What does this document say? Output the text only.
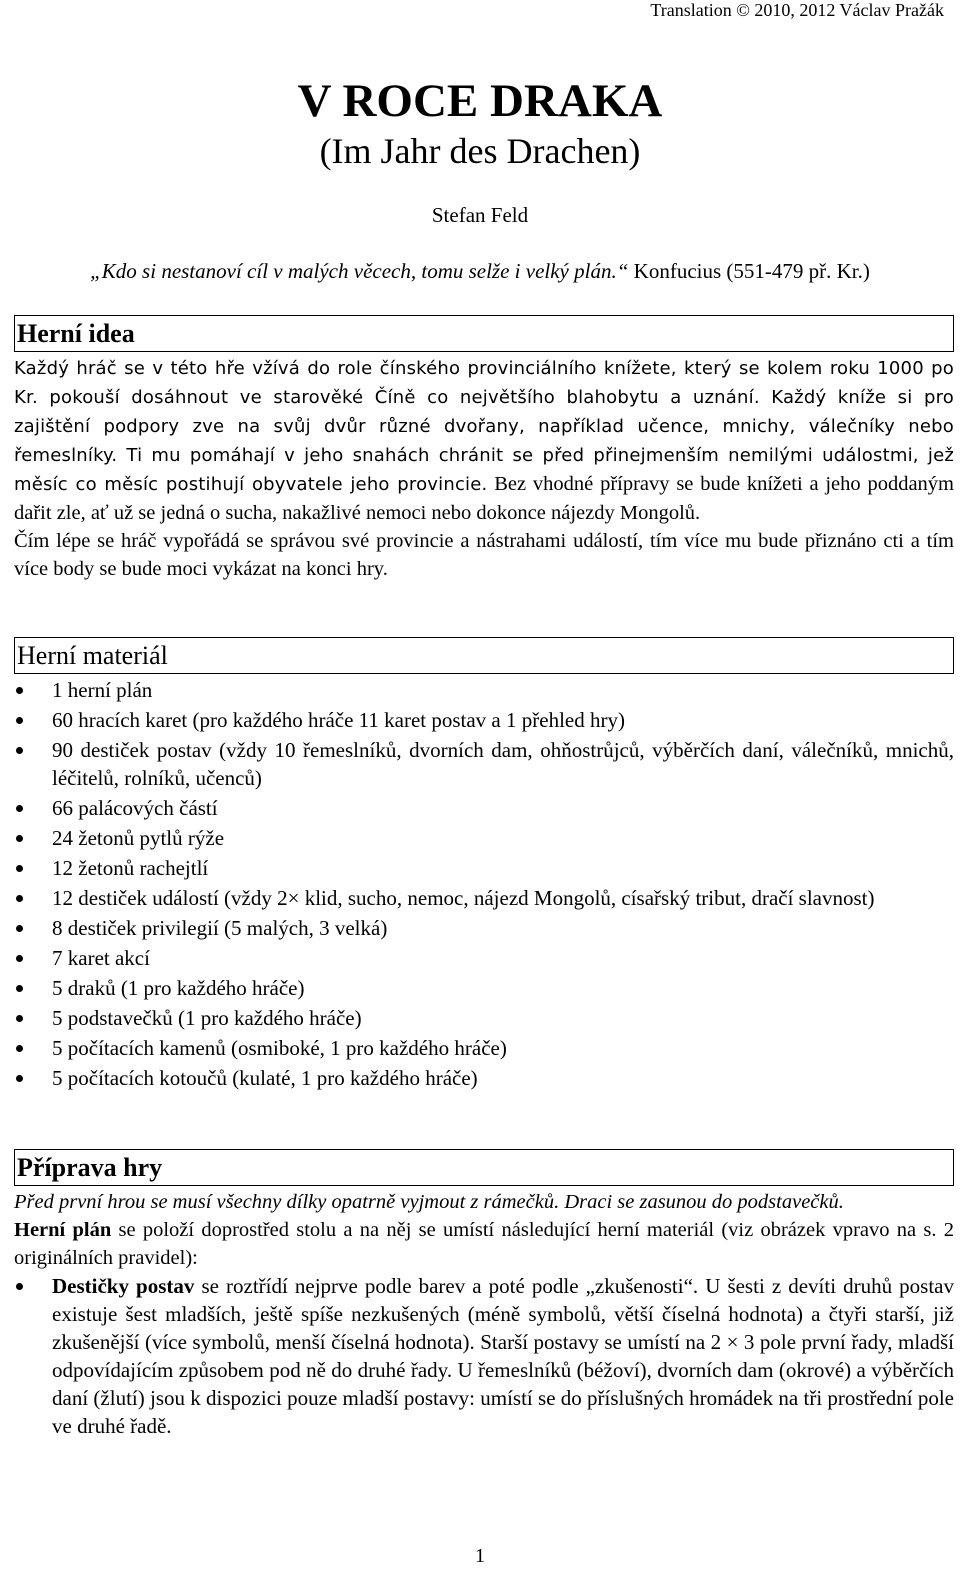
Translation © 2010, 2012 Václav Pražák
V ROCE DRAKA
(Im Jahr des Drachen)
Stefan Feld
„Kdo si nestanoví cíl v malých věcech, tomu selže i velký plán.“ Konfucius (551-479 př. Kr.)
Herní idea

Každý hráč se v této hře vžívá do role čínského provinciálního knížete, který se kolem roku 1000 po Kr. pokouší dosáhnout ve starověké Číně co největšího blahobytu a uznání. Každý kníže si pro zajištění podpory zve na svůj dvůr různé dvořany, například učence, mnichy, válečníky nebo řemeslníky. Ti mu pomáhají v jeho snahách chránit se před přinejmenším nemilými událostmi, jež měsíc co měsíc postihují obyvatele jeho provincie. Bez vhodné přípravy se bude knížeti a jeho poddaným dařit zle, ať už se jedná o sucha, nakažlivé nemoci nebo dokonce nájezdy Mongolů.

Čím lépe se hráč vypořádá se správou své provincie a nástrahami událostí, tím více mu bude přiznáno cti a tím více body se bude moci vykázat na konci hry.

Herní materiál
1 herní plán
60 hracích karet (pro každého hráče 11 karet postav a 1 přehled hry)
90 destiček postav (vždy 10 řemeslníků, dvorních dam, ohňostrůjců, výběrčích daní, válečníků, mnichů, léčitelů, rolníků, učenců)
66 palácových částí
24 žetonů pytlů rýže
12 žetonů rachejtlí
12 destiček událostí (vždy 2× klid, sucho, nemoc, nájezd Mongolů, císařský tribut, dračí slavnost)
8 destiček privilegií (5 malých, 3 velká)
7 karet akcí
5 draků (1 pro každého hráče)
5 podstavečků (1 pro každého hráče)
5 počítacích kamenů (osmiboké, 1 pro každého hráče)
5 počítacích kotoučů (kulaté, 1 pro každého hráče)
Příprava hry

Před první hrou se musí všechny dílky opatrně vyjmout z rámečků. Draci se zasunou do podstavečků.

Herní plán se položí doprostřed stolu a na něj se umístí následující herní materiál (viz obrázek vpravo na s. 2 originálních pravidel):

Destičky postav se roztřídí nejprve podle barev a poté podle „zkušenosti“. U šesti z devíti druhů postav existuje šest mladších, ještě spíše nezkušených (méně symbolů, větší číselná hodnota) a čtyři starší, již zkušenější (více symbolů, menší číselná hodnota). Starší postavy se umístí na 2 × 3 pole první řady, mladší odpovídajícím způsobem pod ně do druhé řady. U řemeslníků (béžoví), dvorních dam (okrové) a výběrčích daní (žlutí) jsou k dispozici pouze mladší postavy: umístí se do příslušných hromádek na tři prostřední pole ve druhé řadě.
1
